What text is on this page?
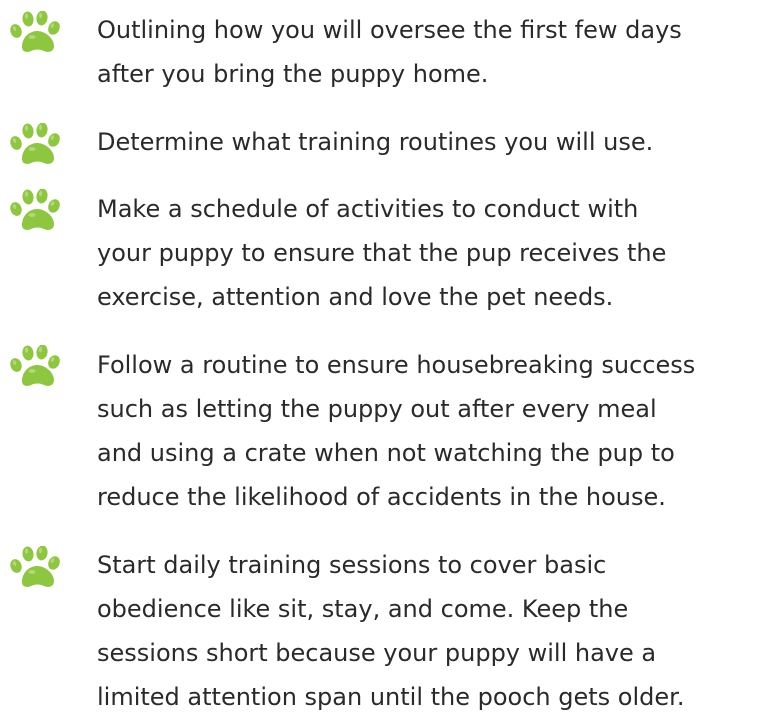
Outlining how you will oversee the first few days
after you bring the puppy home.
Determine what training routines you will use.
Make a schedule of activities to conduct with
your puppy to ensure that the pup receives the
exercise, attention and love the pet needs.
Follow a routine to ensure housebreaking success
such as letting the puppy out after every meal
and using a crate when not watching the pup to
reduce the likelihood of accidents in the house.
Start daily training sessions to cover basic
obedience like sit, stay, and come. Keep the
sessions short because your puppy will have a
limited attention span until the pooch gets older.
